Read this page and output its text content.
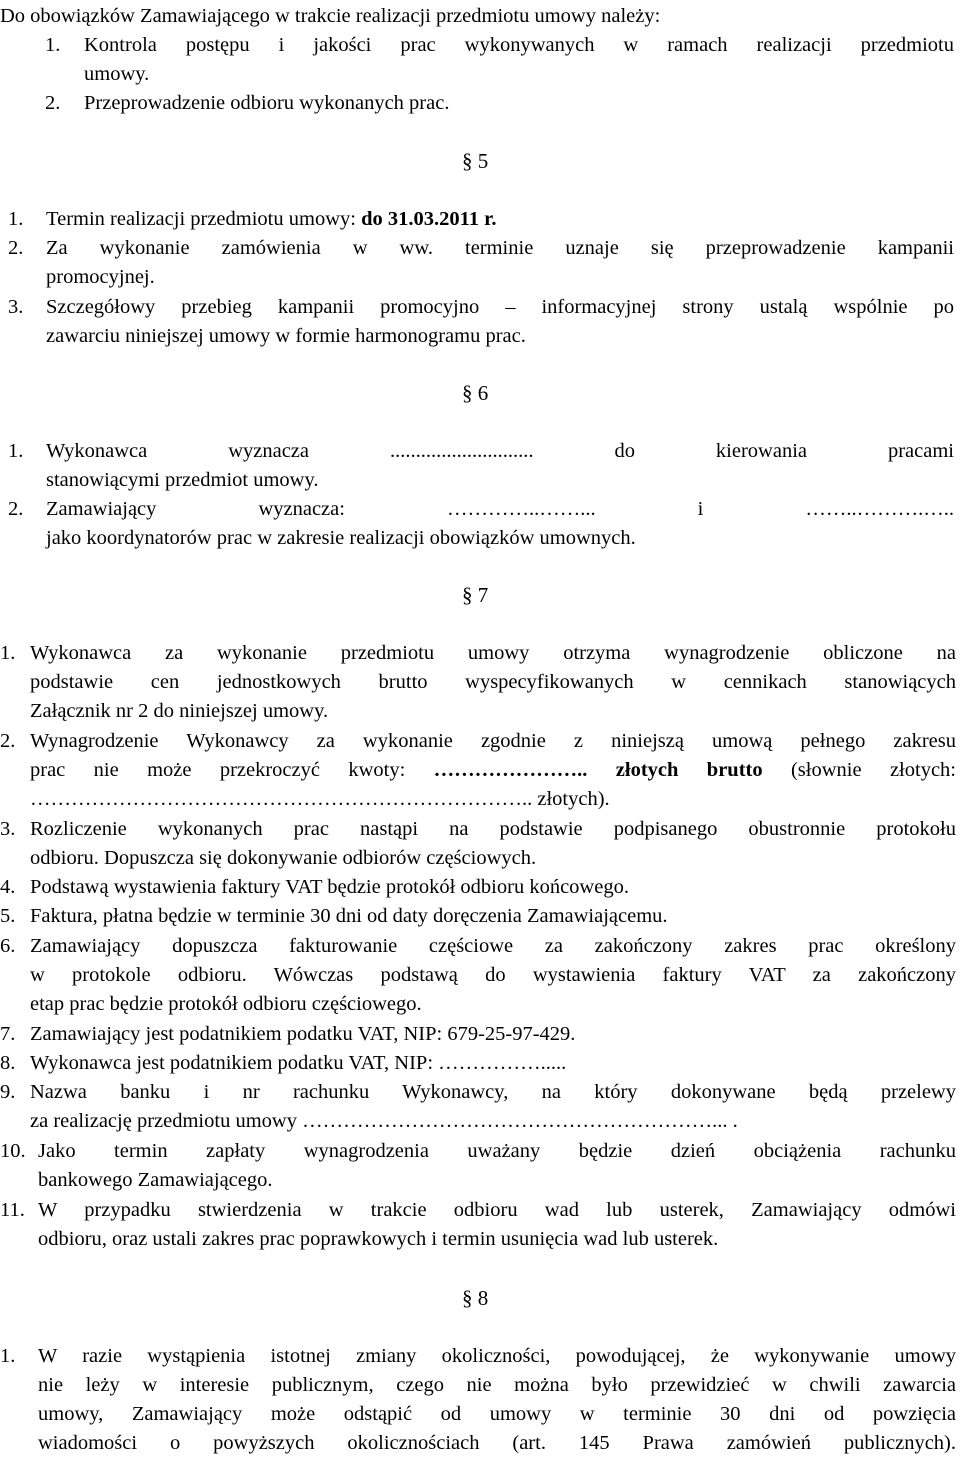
Do obowiązków Zamawiającego w trakcie realizacji przedmiotu umowy należy:
1. Kontrola postępu i jakości prac wykonywanych w ramach realizacji przedmiotu
umowy.
2. Przeprowadzenie odbioru wykonanych prac.
§ 5
1. Termin realizacji przedmiotu umowy: do 31.03.2011 r.
2. Za wykonanie zamówienia w ww. terminie uznaje się przeprowadzenie kampanii
promocyjnej.
3. Szczegółowy przebieg kampanii promocyjno – informacyjnej strony ustalą wspólnie po
zawarciu niniejszej umowy w formie harmonogramu prac.
§ 6
1. Wykonawca wyznacza ............................ do kierowania pracami
stanowiącymi przedmiot umowy.
2. Zamawiający wyznacza: …………..……... i ……..……….…..
jako koordynatorów prac w zakresie realizacji obowiązków umownych.
§ 7
1. Wykonawca za wykonanie przedmiotu umowy otrzyma wynagrodzenie obliczone na
podstawie cen jednostkowych brutto wyspecyfikowanych w cennikach stanowiących
Załącznik nr 2 do niniejszej umowy.
2. Wynagrodzenie Wykonawcy za wykonanie zgodnie z niniejszą umową pełnego zakresu
prac nie może przekroczyć kwoty: ………………….. złotych brutto (słownie złotych:
……………………………………………………………….. złotych).
3. Rozliczenie wykonanych prac nastąpi na podstawie podpisanego obustronnie protokołu
odbioru. Dopuszcza się dokonywanie odbiorów częściowych.
4. Podstawą wystawienia faktury VAT będzie protokół odbioru końcowego.
5. Faktura, płatna będzie w terminie 30 dni od daty doręczenia Zamawiającemu.
6. Zamawiający dopuszcza fakturowanie częściowe za zakończony zakres prac określony
w protokole odbioru. Wówczas podstawą do wystawienia faktury VAT za zakończony
etap prac będzie protokół odbioru częściowego.
7. Zamawiający jest podatnikiem podatku VAT, NIP: 679-25-97-429.
8. Wykonawca jest podatnikiem podatku VAT, NIP: …………….....
9. Nazwa banku i nr rachunku Wykonawcy, na który dokonywane będą przelewy
za realizację przedmiotu umowy ……………………………………………………... .
10. Jako termin zapłaty wynagrodzenia uważany będzie dzień obciążenia rachunku
bankowego Zamawiającego.
11. W przypadku stwierdzenia w trakcie odbioru wad lub usterek, Zamawiający odmówi
odbioru, oraz ustali zakres prac poprawkowych i termin usunięcia wad lub usterek.
§ 8
1. W razie wystąpienia istotnej zmiany okoliczności, powodującej, że wykonywanie umowy
nie leży w interesie publicznym, czego nie można było przewidzieć w chwili zawarcia
umowy, Zamawiający może odstąpić od umowy w terminie 30 dni od powzięcia
wiadomości o powyższych okolicznościach (art. 145 Prawa zamówień publicznych).
